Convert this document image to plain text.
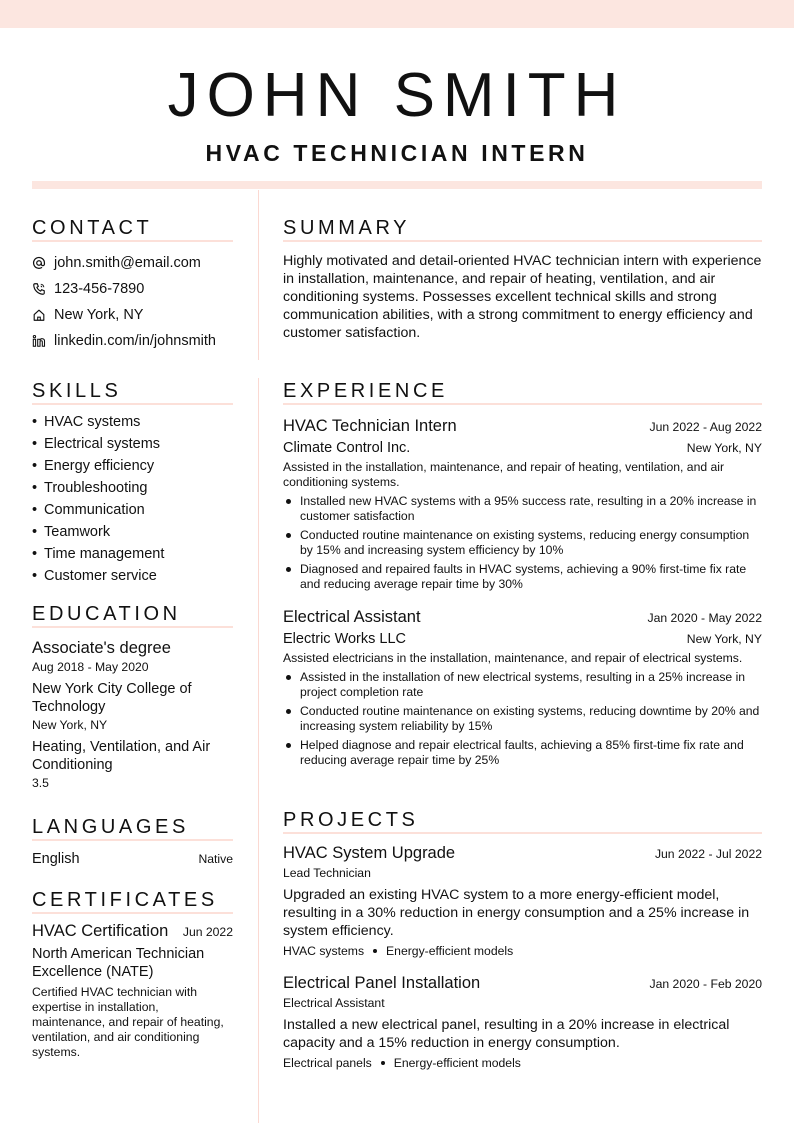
JOHN SMITH
HVAC TECHNICIAN INTERN
CONTACT
john.smith@email.com
123-456-7890
New York, NY
linkedin.com/in/johnsmith
SUMMARY
Highly motivated and detail-oriented HVAC technician intern with experience in installation, maintenance, and repair of heating, ventilation, and air conditioning systems. Possesses excellent technical skills and strong communication abilities, with a strong commitment to energy efficiency and customer satisfaction.
SKILLS
• HVAC systems
• Electrical systems
• Energy efficiency
• Troubleshooting
• Communication
• Teamwork
• Time management
• Customer service
EDUCATION
Associate's degree
Aug 2018 - May 2020
New York City College of Technology
New York, NY
Heating, Ventilation, and Air Conditioning
3.5
LANGUAGES
English	Native
CERTIFICATES
HVAC Certification Jun 2022
North American Technician Excellence (NATE)
Certified HVAC technician with expertise in installation, maintenance, and repair of heating, ventilation, and air conditioning systems.
EXPERIENCE
HVAC Technician Intern	Jun 2022 - Aug 2022
Climate Control Inc.	New York, NY
Assisted in the installation, maintenance, and repair of heating, ventilation, and air conditioning systems.
Installed new HVAC systems with a 95% success rate, resulting in a 20% increase in customer satisfaction
Conducted routine maintenance on existing systems, reducing energy consumption by 15% and increasing system efficiency by 10%
Diagnosed and repaired faults in HVAC systems, achieving a 90% first-time fix rate and reducing average repair time by 30%
Electrical Assistant	Jan 2020 - May 2022
Electric Works LLC	New York, NY
Assisted electricians in the installation, maintenance, and repair of electrical systems.
Assisted in the installation of new electrical systems, resulting in a 25% increase in project completion rate
Conducted routine maintenance on existing systems, reducing downtime by 20% and increasing system reliability by 15%
Helped diagnose and repair electrical faults, achieving a 85% first-time fix rate and reducing average repair time by 25%
PROJECTS
HVAC System Upgrade	Jun 2022 - Jul 2022
Lead Technician
Upgraded an existing HVAC system to a more energy-efficient model, resulting in a 30% reduction in energy consumption and a 25% increase in system efficiency.
HVAC systems Energy-efficient models
Electrical Panel Installation	Jan 2020 - Feb 2020
Electrical Assistant
Installed a new electrical panel, resulting in a 20% increase in electrical capacity and a 15% reduction in energy consumption.
Electrical panels Energy-efficient models
